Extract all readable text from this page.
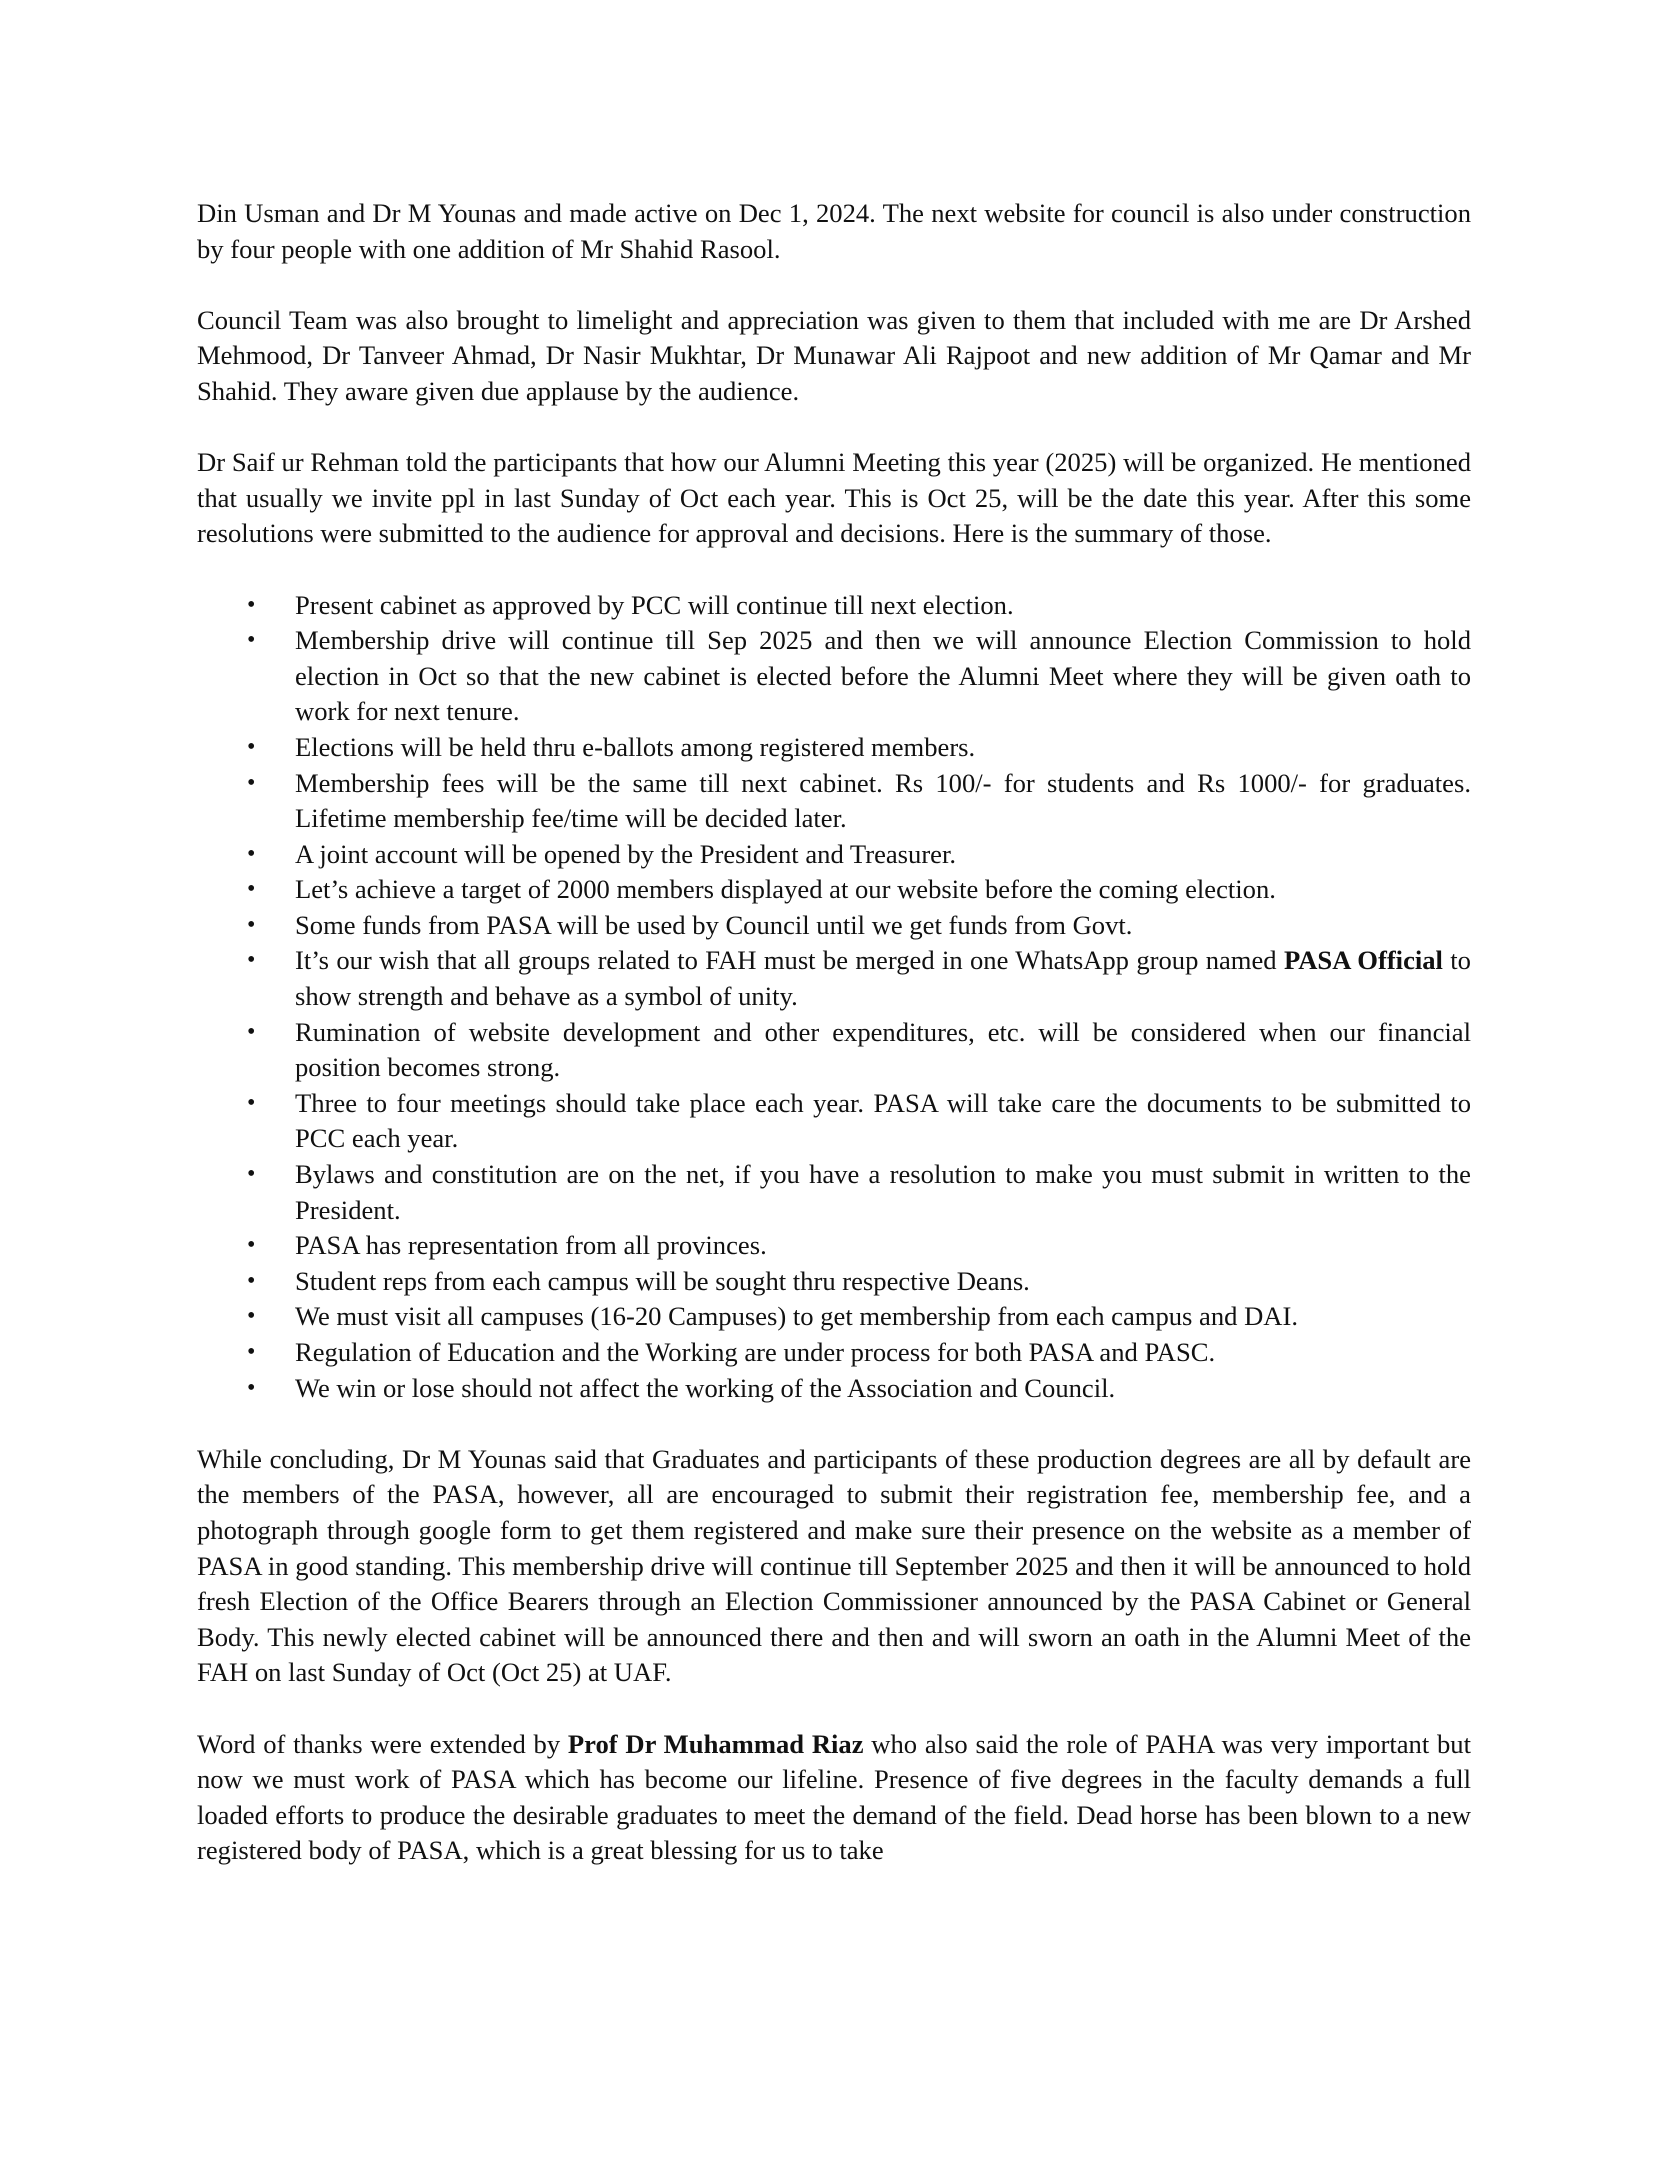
Din Usman and Dr M Younas and made active on Dec 1, 2024. The next website for council is also under construction by four people with one addition of Mr Shahid Rasool.

Council Team was also brought to limelight and appreciation was given to them that included with me are Dr Arshed Mehmood, Dr Tanveer Ahmad, Dr Nasir Mukhtar, Dr Munawar Ali Rajpoot and new addition of Mr Qamar and Mr Shahid. They aware given due applause by the audience.

Dr Saif ur Rehman told the participants that how our Alumni Meeting this year (2025) will be organized. He mentioned that usually we invite ppl in last Sunday of Oct each year. This is Oct 25, will be the date this year. After this some resolutions were submitted to the audience for approval and decisions. Here is the summary of those.

• Present cabinet as approved by PCC will continue till next election.
• Membership drive will continue till Sep 2025 and then we will announce Election Commission to hold election in Oct so that the new cabinet is elected before the Alumni Meet where they will be given oath to work for next tenure.
• Elections will be held thru e-ballots among registered members.
• Membership fees will be the same till next cabinet. Rs 100/- for students and Rs 1000/- for graduates. Lifetime membership fee/time will be decided later.
• A joint account will be opened by the President and Treasurer.
• Let’s achieve a target of 2000 members displayed at our website before the coming election.
• Some funds from PASA will be used by Council until we get funds from Govt.
• It’s our wish that all groups related to FAH must be merged in one WhatsApp group named PASA Official to show strength and behave as a symbol of unity.
• Rumination of website development and other expenditures, etc. will be considered when our financial position becomes strong.
• Three to four meetings should take place each year. PASA will take care the documents to be submitted to PCC each year.
• Bylaws and constitution are on the net, if you have a resolution to make you must submit in written to the President.
• PASA has representation from all provinces.
• Student reps from each campus will be sought thru respective Deans.
• We must visit all campuses (16-20 Campuses) to get membership from each campus and DAI.
• Regulation of Education and the Working are under process for both PASA and PASC.
• We win or lose should not affect the working of the Association and Council.

While concluding, Dr M Younas said that Graduates and participants of these production degrees are all by default are the members of the PASA, however, all are encouraged to submit their registration fee, membership fee, and a photograph through google form to get them registered and make sure their presence on the website as a member of PASA in good standing. This membership drive will continue till September 2025 and then it will be announced to hold fresh Election of the Office Bearers through an Election Commissioner announced by the PASA Cabinet or General Body. This newly elected cabinet will be announced there and then and will sworn an oath in the Alumni Meet of the FAH on last Sunday of Oct (Oct 25) at UAF.

Word of thanks were extended by Prof Dr Muhammad Riaz who also said the role of PAHA was very important but now we must work of PASA which has become our lifeline. Presence of five degrees in the faculty demands a full loaded efforts to produce the desirable graduates to meet the demand of the field. Dead horse has been blown to a new registered body of PASA, which is a great blessing for us to take
